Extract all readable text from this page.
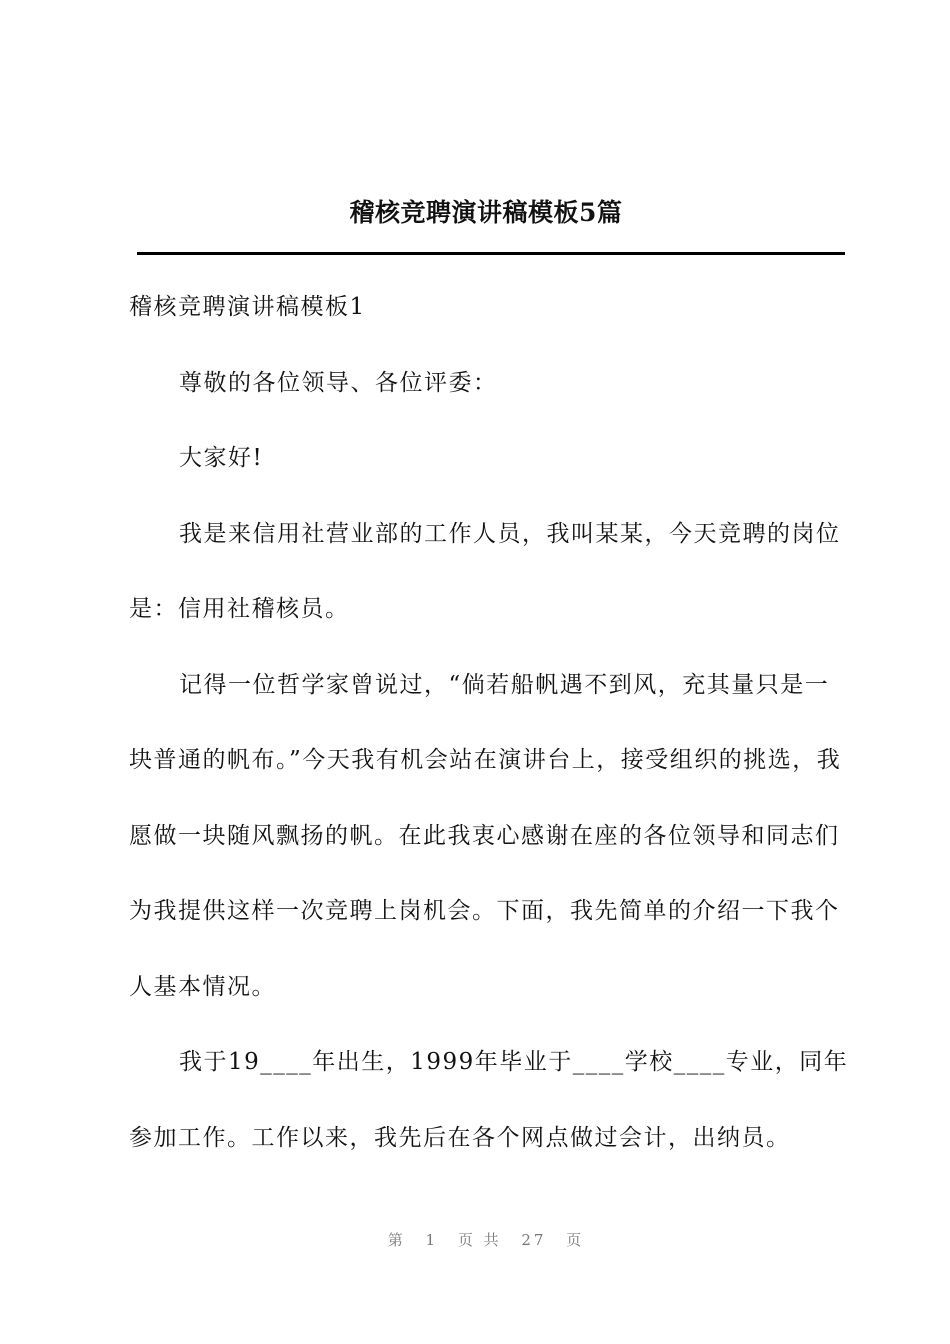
稽核竞聘演讲稿模板5篇

稽核竞聘演讲稿模板1

尊敬的各位领导、各位评委：

大家好!

我是来信用社营业部的工作人员，我叫某某，今天竞聘的岗位是：信用社稽核员。

记得一位哲学家曾说过，“倘若船帆遇不到风，充其量只是一块普通的帆布。”今天我有机会站在演讲台上，接受组织的挑选，我愿做一块随风飘扬的帆。在此我衷心感谢在座的各位领导和同志们为我提供这样一次竞聘上岗机会。下面，我先简单的介绍一下我个人基本情况。

我于19____年出生，1999年毕业于____学校____专业，同年参加工作。工作以来，我先后在各个网点做过会计，出纳员。

第 1 页 共 27 页
